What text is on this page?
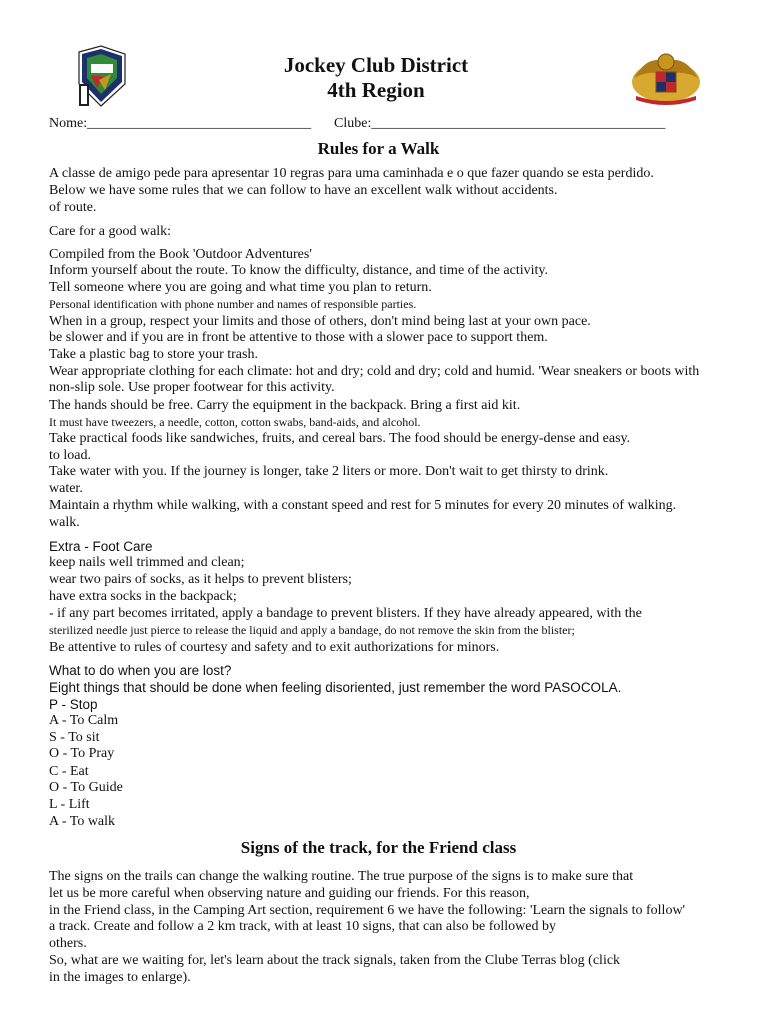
Jockey Club District
4th Region
Nome:________________________________ Clube:__________________________________________
Rules for a Walk
A classe de amigo pede para apresentar 10 regras para uma caminhada e o que fazer quando se esta perdido.
Below we have some rules that we can follow to have an excellent walk without accidents.
of route.
Care for a good walk:
Compiled from the Book 'Outdoor Adventures'
Inform yourself about the route. To know the difficulty, distance, and time of the activity.
Tell someone where you are going and what time you plan to return.
Personal identification with phone number and names of responsible parties.
When in a group, respect your limits and those of others, don't mind being last at your own pace.
be slower and if you are in front be attentive to those with a slower pace to support them.
Take a plastic bag to store your trash.
Wear appropriate clothing for each climate: hot and dry; cold and dry; cold and humid. 'Wear sneakers or boots with
non-slip sole. Use proper footwear for this activity.
The hands should be free. Carry the equipment in the backpack. Bring a first aid kit.
It must have tweezers, a needle, cotton, cotton swabs, band-aids, and alcohol.
Take practical foods like sandwiches, fruits, and cereal bars. The food should be energy-dense and easy.
to load.
Take water with you. If the journey is longer, take 2 liters or more. Don't wait to get thirsty to drink.
water.
Maintain a rhythm while walking, with a constant speed and rest for 5 minutes for every 20 minutes of walking.
walk.
Extra - Foot Care
keep nails well trimmed and clean;
wear two pairs of socks, as it helps to prevent blisters;
have extra socks in the backpack;
- if any part becomes irritated, apply a bandage to prevent blisters. If they have already appeared, with the
sterilized needle just pierce to release the liquid and apply a bandage, do not remove the skin from the blister;
Be attentive to rules of courtesy and safety and to exit authorizations for minors.
What to do when you are lost?
Eight things that should be done when feeling disoriented, just remember the word PASOCOLA.
P - Stop
A - To Calm
S - To sit
O - To Pray
C - Eat
O - To Guide
L - Lift
A - To walk
Signs of the track, for the Friend class
The signs on the trails can change the walking routine. The true purpose of the signs is to make sure that
let us be more careful when observing nature and guiding our friends. For this reason,
in the Friend class, in the Camping Art section, requirement 6 we have the following: 'Learn the signals to follow'
a track. Create and follow a 2 km track, with at least 10 signs, that can also be followed by
others.
So, what are we waiting for, let's learn about the track signals, taken from the Clube Terras blog (click
in the images to enlarge).
